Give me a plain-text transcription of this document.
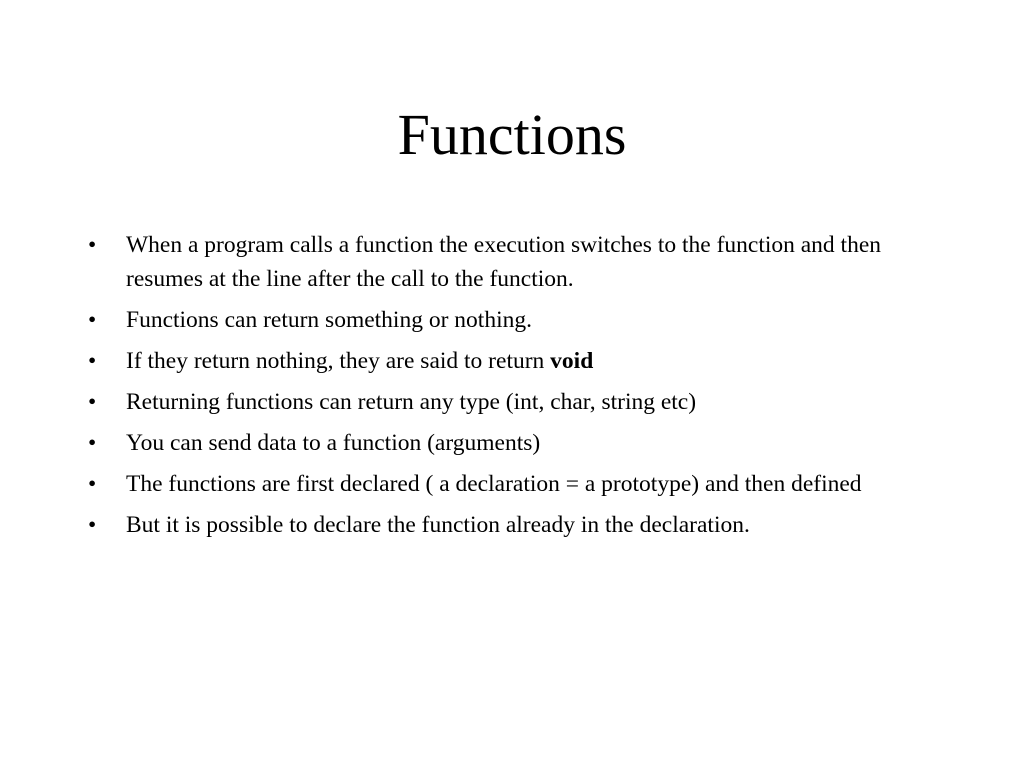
Functions
• When a program calls a function the execution switches to the function and then resumes at the line after the call to the function.
• Functions can return something or nothing.
• If they return nothing, they are said to return void
• Returning functions can return any type (int, char, string etc)
• You can send data to a function (arguments)
• The functions are first declared ( a declaration = a prototype) and then defined
• But it is possible to declare the function already in the declaration.
